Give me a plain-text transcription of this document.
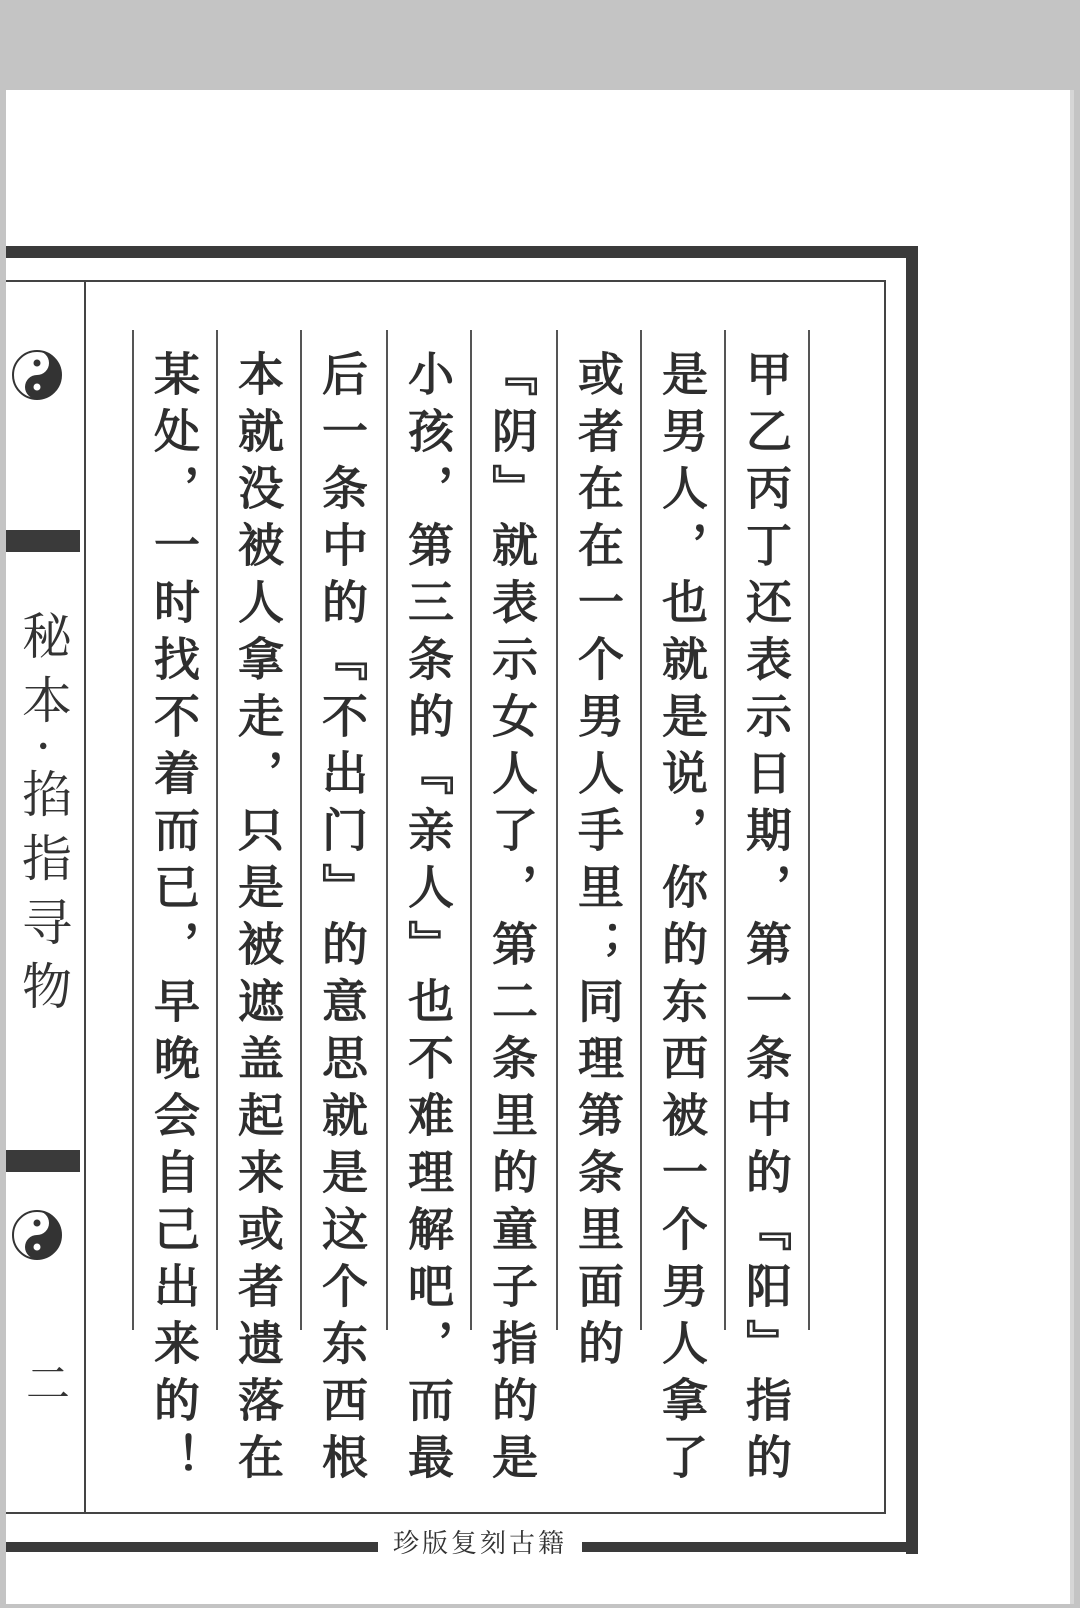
珍版复刻古籍
秘本·掐指寻物
二	甲乙丙丁还表示日期，第一条中的『阳』指的
是男人，也就是说，你的东西被一个男人拿了
或者在在一个男人手里；同理第条里面的
『阴』就表示女人了，第二条里的童子指的是
小孩，第三条的『亲人』也不难理解吧，而最
后一条中的『不出门』的意思就是这个东西根
本就没被人拿走，只是被遮盖起来或者遗落在
某处，一时找不着而已，早晚会自己出来的！
